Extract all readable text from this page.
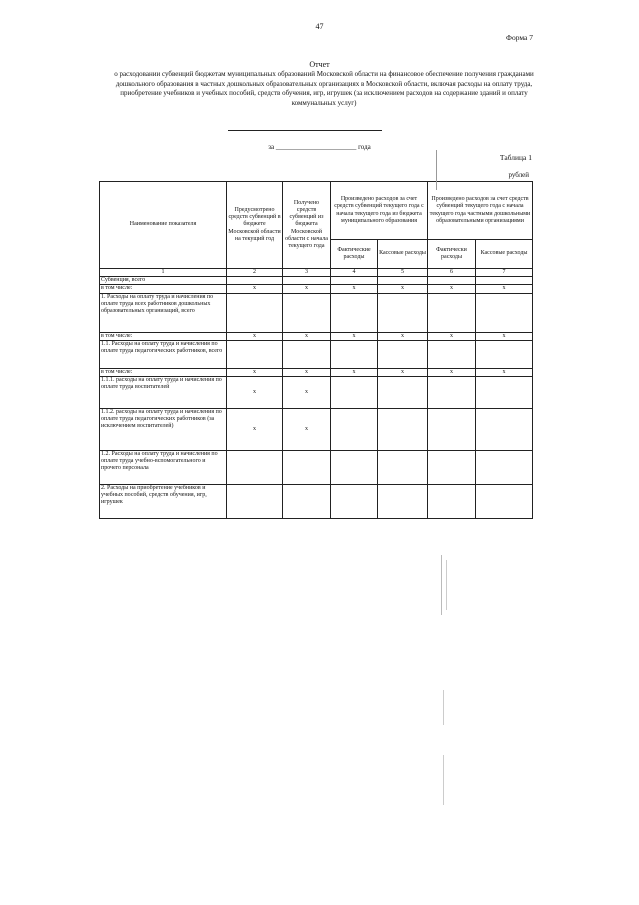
47
Форма 7
Отчет
о расходовании субвенций бюджетам муниципальных образований Московской области на финансовое обеспечение получения гражданами дошкольного образования в частных дошкольных образовательных организациях в Московской области, включая расходы на оплату труда, приобретение учебников и учебных пособий, средств обучения, игр, игрушек (за исключением расходов на содержание зданий и оплату коммунальных услуг)
за _______________________ года
Таблица 1
рублей
Наименование показателя	Предусмотрено средств субвенций в бюджете Московской области на текущий год	Получено средств субвенций из бюджета Московской области с начала текущего года	Произведено расходов за счет средств субвенций текущего года с начала текущего года из бюджета муниципального образования		Произведено расходов за счет средств субвенций текущего года с начала текущего года частными дошкольными образовательными организациями	
			Фактические расходы	Кассовые расходы	Фактически расходы	Кассовые расходы
1	2	3	4	5	6	7
Субвенция, всего						
в том числе:	x	x	x	x	x	x
1. Расходы на оплату труда и начисления по оплате труда всех работников дошкольных образовательных организаций, всего						
в том числе:	x	x	x	x	x	x
1.1. Расходы на оплату труда и начисления по оплате труда педагогических работников, всего						
в том числе:	x	x	x	x	x	x
1.1.1. расходы на оплату труда и начисления по оплате труда воспитателей	x	x				
1.1.2. расходы на оплату труда и начисления по оплате труда педагогических работников (за исключением воспитателей)	x	x				
1.2. Расходы на оплату труда и начисления по оплате труда учебно-вспомогательного и прочего персонала						
2. Расходы на приобретение учебников и учебных пособий, средств обучения, игр, игрушек						
